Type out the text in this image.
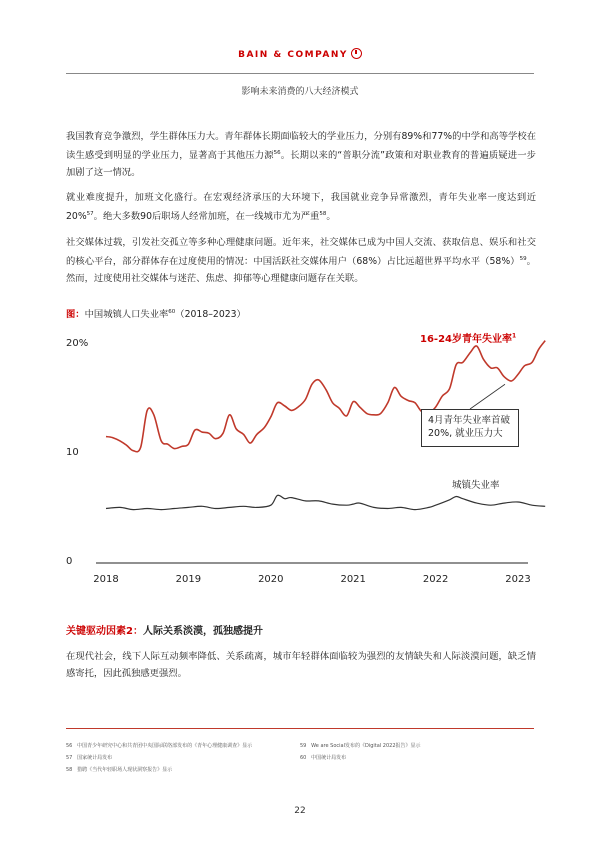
BAIN & COMPANY
影响未来消费的八大经济模式

我国教育竞争激烈，学生群体压力大。青年群体长期面临较大的学业压力，分别有89%和77%的中学和高等学校在读生感受到明显的学业压力，显著高于其他压力源$^{56}$。长期以来的“普职分流”政策和对职业教育的普遍质疑进一步加剧了这一情况。

就业难度提升，加班文化盛行。在宏观经济承压的大环境下，我国就业竞争异常激烈，青年失业率一度达到近20%$^{57}$。绝大多数90后职场人经常加班，在一线城市尤为严重$^{58}$。

社交媒体过载，引发社交孤立等多种心理健康问题。近年来，社交媒体已成为中国人交流、获取信息、娱乐和社交的核心平台，部分群体存在过度使用的情况：中国活跃社交媒体用户（68%）占比远超世界平均水平$(58\%)^{59}$。然而，过度使用社交媒体与迷茫、焦虑、抑郁等心理健康问题存在关联。

图：中国城镇人口失业率$^{60}$（2018–2023）
0
10
20%
2018	2019	2020	2021	2022	2023
16-24岁青年失业率$^1$
城镇失业率
4月青年失业率首破
20%, 就业压力大
关键驱动因素2：人际关系淡漠，孤独感提升

在现代社会，线下人际互动频率降低、关系疏离，城市年轻群体面临较为强烈的友情缺失和人际淡漠问题，缺乏情感寄托，因此孤独感更强烈。

56 中国青少年研究中心和共青团中央国际联络部发布的《青年心理健康调查》显示
57 国家统计局发布
58 猎聘《当代年轻职场人现状洞察报告》显示
59 We are Social发布的《Digital 2022报告》显示
60 中国统计局发布
22
